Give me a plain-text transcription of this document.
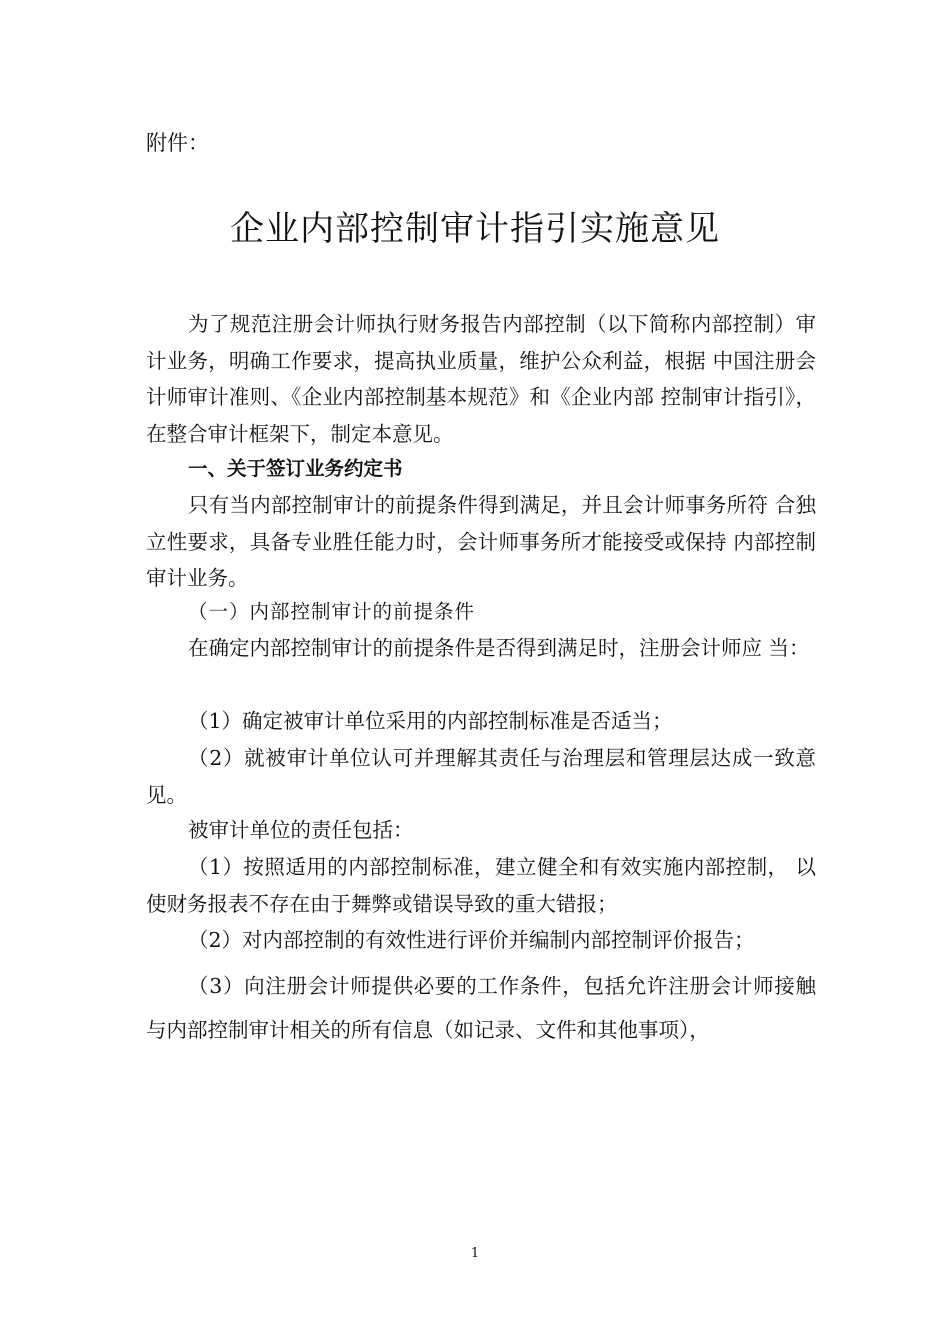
附件：
企业内部控制审计指引实施意见
为了规范注册会计师执行财务报告内部控制（以下简称内部控制）审计业务，明确工作要求，提高执业质量，维护公众利益，根据 中国注册会计师审计准则、《企业内部控制基本规范》和《企业内部 控制审计指引》，在整合审计框架下，制定本意见。
一、关于签订业务约定书
只有当内部控制审计的前提条件得到满足，并且会计师事务所符 合独立性要求，具备专业胜任能力时，会计师事务所才能接受或保持 内部控制审计业务。
（一）内部控制审计的前提条件
在确定内部控制审计的前提条件是否得到满足时，注册会计师应 当：
（1）确定被审计单位采用的内部控制标准是否适当；
（2）就被审计单位认可并理解其责任与治理层和管理层达成一致意见。
被审计单位的责任包括：
（1）按照适用的内部控制标准，建立健全和有效实施内部控制， 以使财务报表不存在由于舞弊或错误导致的重大错报；
（2）对内部控制的有效性进行评价并编制内部控制评价报告；
（3）向注册会计师提供必要的工作条件，包括允许注册会计师接触与内部控制审计相关的所有信息（如记录、文件和其他事项），
1
